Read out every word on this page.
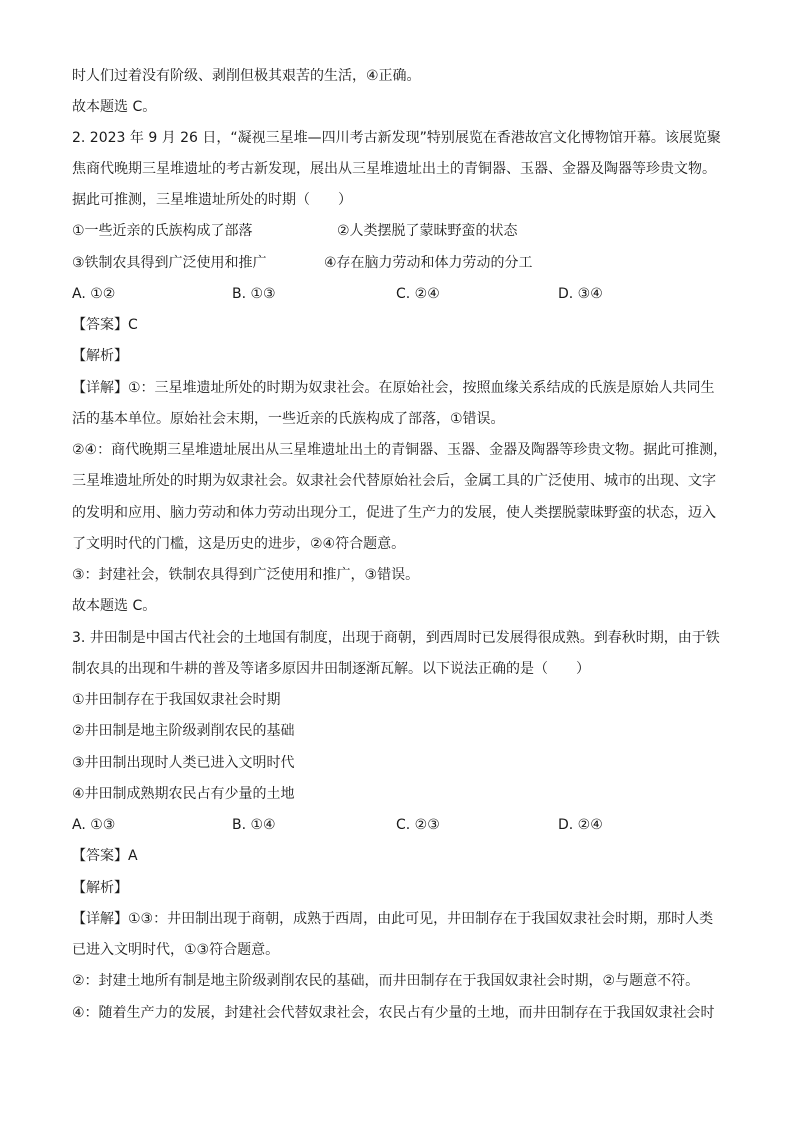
时人们过着没有阶级、剥削但极其艰苦的生活，④正确。
故本题选 C。
2. 2023 年 9 月 26 日，“凝视三星堆—四川考古新发现”特别展览在香港故宫文化博物馆开幕。该展览聚
焦商代晚期三星堆遗址的考古新发现，展出从三星堆遗址出土的青铜器、玉器、金器及陶器等珍贵文物。
据此可推测，三星堆遗址所处的时期（　　）
①一些近亲的氏族构成了部落	②人类摆脱了蒙昧野蛮的状态
③铁制农具得到广泛使用和推广	④存在脑力劳动和体力劳动的分工
A. ①②	B. ①③	C. ②④	D. ③④
【答案】C
【解析】
【详解】①：三星堆遗址所处的时期为奴隶社会。在原始社会，按照血缘关系结成的氏族是原始人共同生
活的基本单位。原始社会末期，一些近亲的氏族构成了部落，①错误。
②④：商代晚期三星堆遗址展出从三星堆遗址出土的青铜器、玉器、金器及陶器等珍贵文物。据此可推测，
三星堆遗址所处的时期为奴隶社会。奴隶社会代替原始社会后，金属工具的广泛使用、城市的出现、文字
的发明和应用、脑力劳动和体力劳动出现分工，促进了生产力的发展，使人类摆脱蒙昧野蛮的状态，迈入
了文明时代的门槛，这是历史的进步，②④符合题意。
③：封建社会，铁制农具得到广泛使用和推广，③错误。
故本题选 C。
3. 井田制是中国古代社会的土地国有制度，出现于商朝，到西周时已发展得很成熟。到春秋时期，由于铁
制农具的出现和牛耕的普及等诸多原因井田制逐渐瓦解。以下说法正确的是（　　）
①井田制存在于我国奴隶社会时期
②井田制是地主阶级剥削农民的基础
③井田制出现时人类已进入文明时代
④井田制成熟期农民占有少量的土地
A. ①③	B. ①④	C. ②③	D. ②④
【答案】A
【解析】
【详解】①③：井田制出现于商朝，成熟于西周，由此可见，井田制存在于我国奴隶社会时期，那时人类
已进入文明时代，①③符合题意。
②：封建土地所有制是地主阶级剥削农民的基础，而井田制存在于我国奴隶社会时期，②与题意不符。
④：随着生产力的发展，封建社会代替奴隶社会，农民占有少量的土地，而井田制存在于我国奴隶社会时
